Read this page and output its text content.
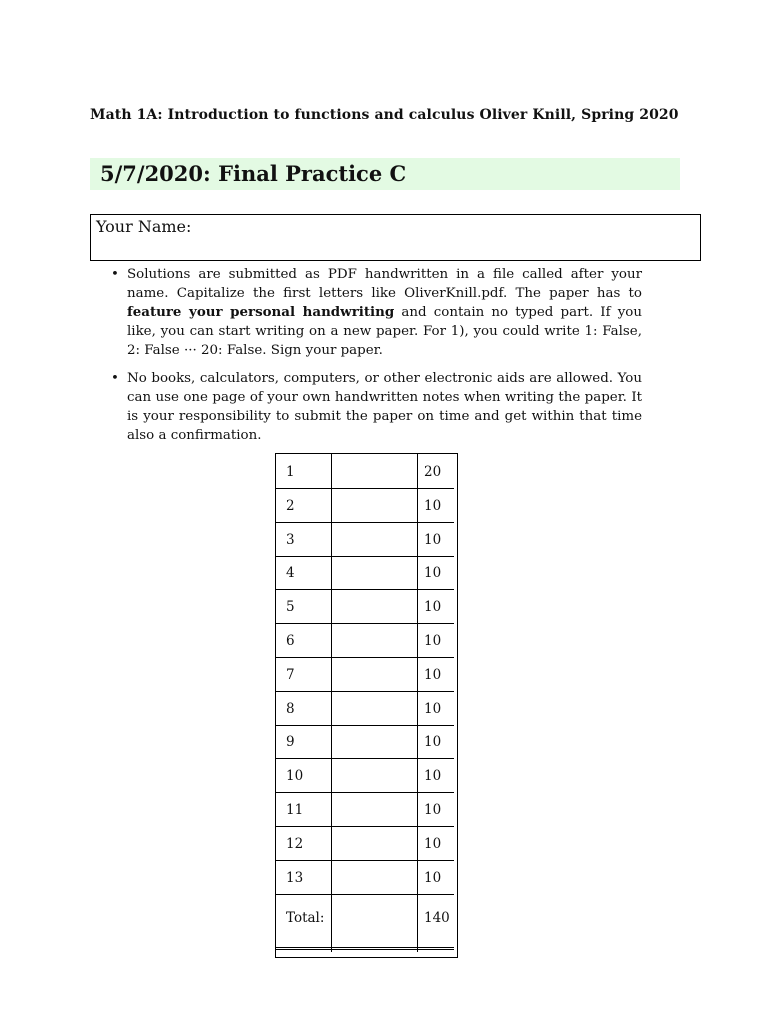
Math 1A: Introduction to functions and calculus Oliver Knill, Spring 2020
5/7/2020: Final Practice C
Your Name:
• Solutions are submitted as PDF handwritten in a file called after your name. Capitalize the first letters like OliverKnill.pdf. The paper has to feature your personal handwriting and contain no typed part. If you like, you can start writing on a new paper. For 1), you could write 1: False, 2: False ··· 20: False. Sign your paper.
• No books, calculators, computers, or other electronic aids are allowed. You can use one page of your own handwritten notes when writing the paper. It is your responsibility to submit the paper on time and get within that time also a confirmation.
1	20
2	10
3	10
4	10
5	10
6	10
7	10
8	10
9	10
10	10
11	10
12	10
13	10
Total:	140
